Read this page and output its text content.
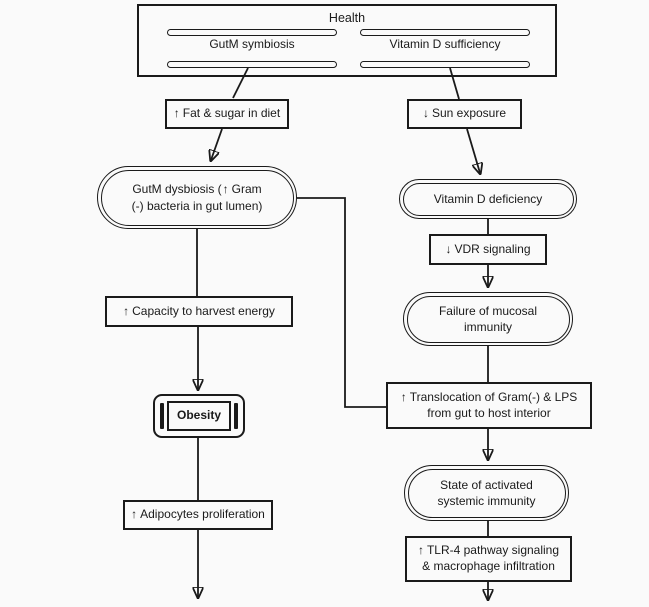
Health
GutM symbiosis	Vitamin D sufficiency
↑ Fat & sugar in diet
GutM dysbiosis ( ↑ Gram
(-) bacteria in gut lumen)
↑ Capacity to harvest energy
Obesity
↑ Adipocytes proliferation
↓ Sun exposure
Vitamin D deficiency
↓ VDR signaling
Failure of mucosal
immunity
↑ Translocation of Gram(-) & LPS
from gut to host interior
State of activated
systemic immunity
↑ TLR-4 pathway signaling
& macrophage infiltration
